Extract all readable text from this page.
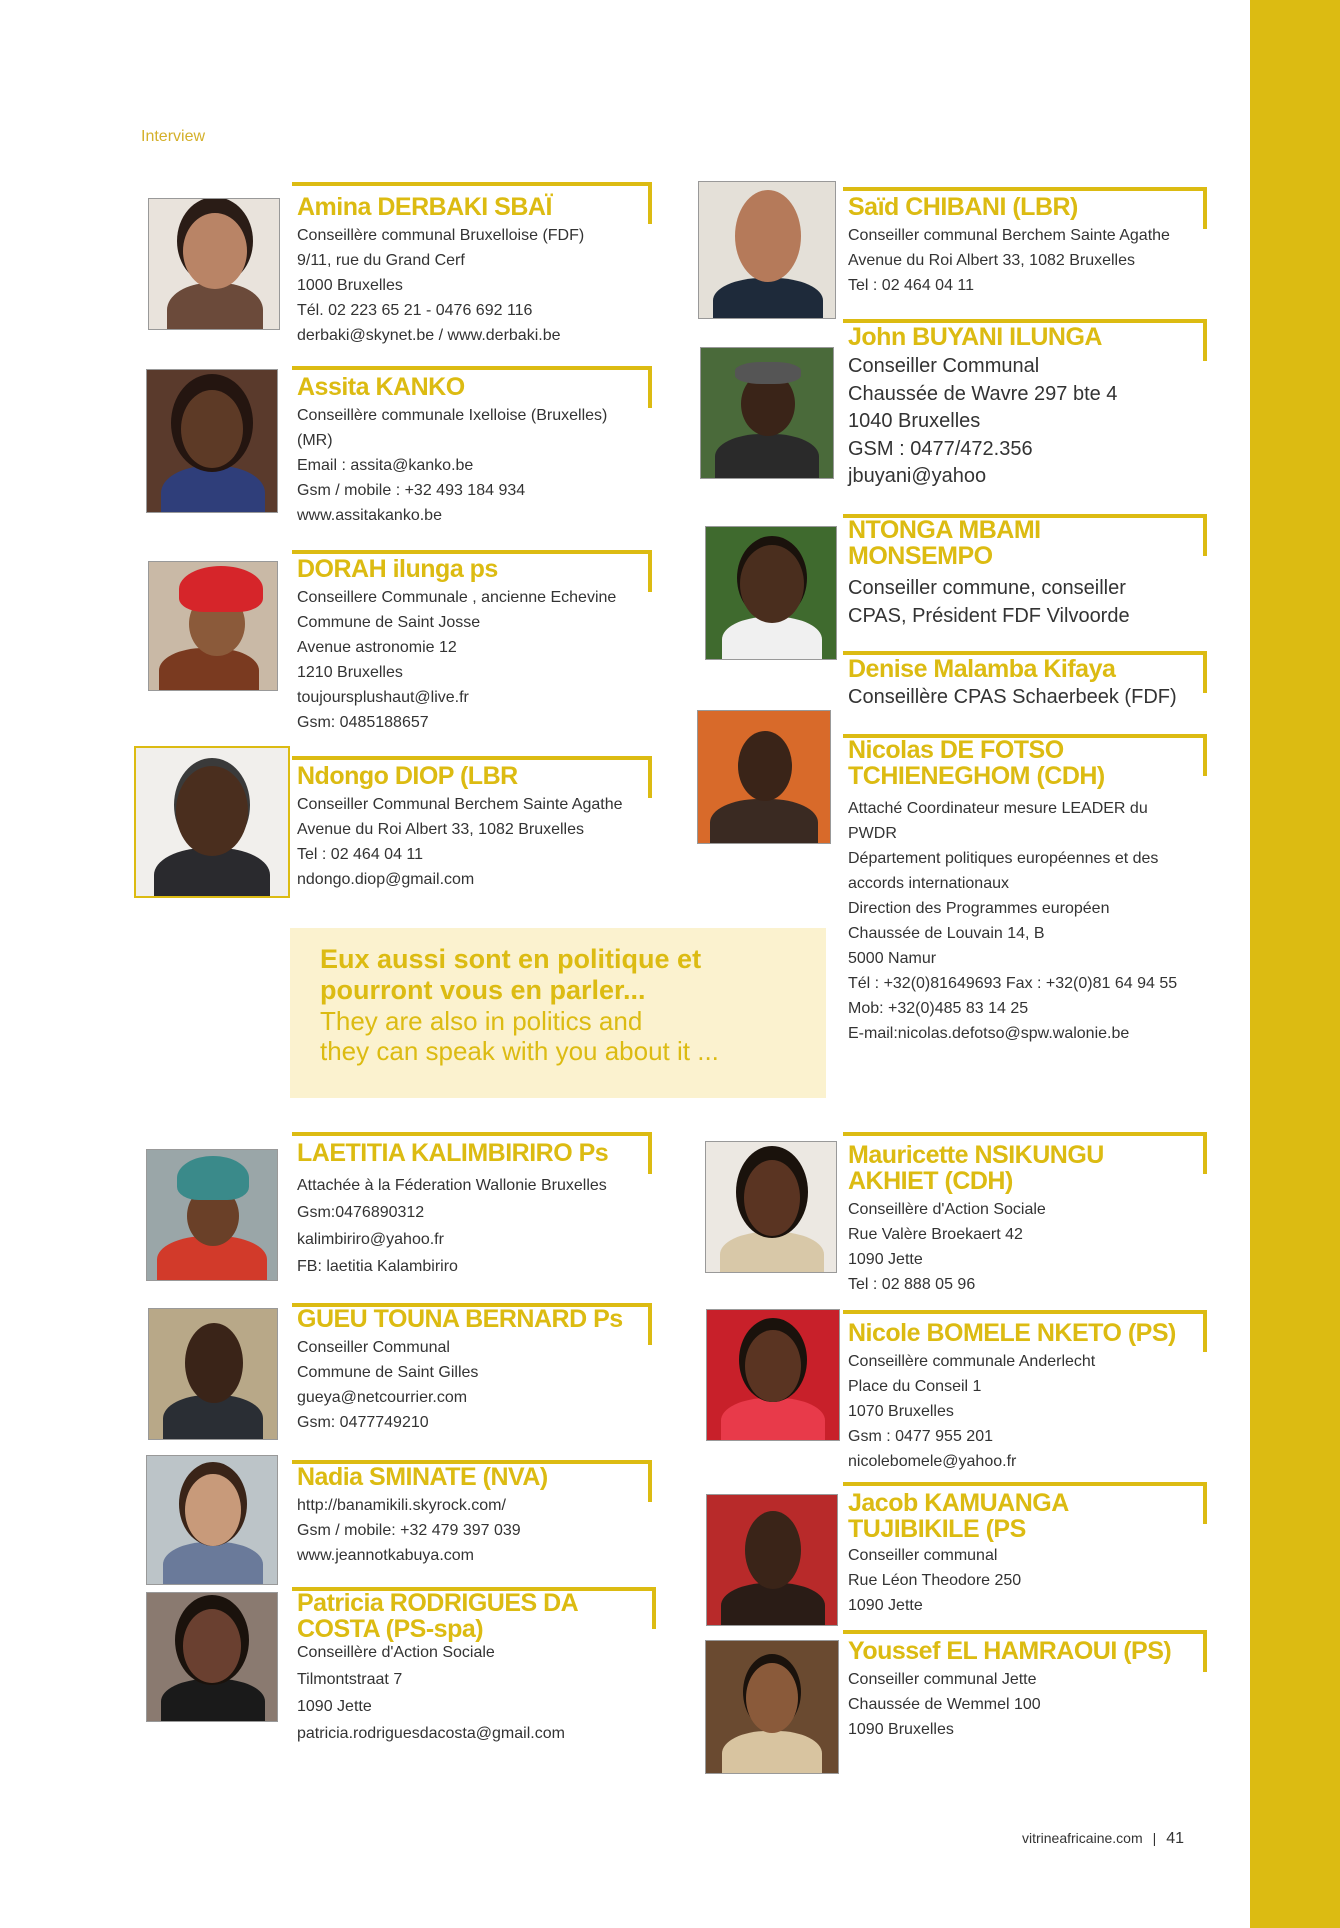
Interview
Amina DERBAKI SBAÏ
Conseillère communal Bruxelloise (FDF)
9/11, rue du Grand Cerf
1000 Bruxelles
Tél. 02 223 65 21 - 0476 692 116
derbaki@skynet.be / www.derbaki.be
Assita KANKO
Conseillère communale Ixelloise (Bruxelles)
(MR)
Email : assita@kanko.be
Gsm / mobile : +32 493 184 934
www.assitakanko.be
DORAH ilunga ps
Conseillere Communale , ancienne Echevine
Commune de Saint Josse
Avenue astronomie 12
1210 Bruxelles
toujoursplushaut@live.fr
Gsm: 0485188657
Ndongo DIOP (LBR
Conseiller Communal Berchem Sainte Agathe
Avenue du Roi Albert 33, 1082 Bruxelles
Tel : 02 464 04 11
ndongo.diop@gmail.com
Eux aussi sont en politique et
pourront vous en parler...
They are also in politics and
they can speak with you about it ...
Saïd CHIBANI (LBR)
Conseiller communal Berchem Sainte Agathe
Avenue du Roi Albert 33, 1082 Bruxelles
Tel : 02 464 04 11
John BUYANI ILUNGA
Conseiller Communal
Chaussée de Wavre 297 bte 4
1040 Bruxelles
GSM : 0477/472.356
jbuyani@yahoo
NTONGA MBAMI
MONSEMPO
Conseiller commune, conseiller
CPAS, Président FDF Vilvoorde
Denise Malamba Kifaya
Conseillère CPAS Schaerbeek (FDF)
Nicolas DE FOTSO
TCHIENEGHOM (CDH)
Attaché Coordinateur mesure LEADER du
PWDR
Département politiques européennes et des
accords internationaux
Direction des Programmes européen
Chaussée de Louvain 14, B
5000 Namur
Tél : +32(0)81649693 Fax : +32(0)81 64 94 55
Mob: +32(0)485 83 14 25
E-mail:nicolas.defotso@spw.walonie.be
LAETITIA KALIMBIRIRO Ps
Attachée à la Féderation Wallonie Bruxelles
Gsm:0476890312
kalimbiriro@yahoo.fr
FB: laetitia Kalambiriro
GUEU TOUNA BERNARD Ps
Conseiller Communal
Commune de Saint Gilles
gueya@netcourrier.com
Gsm: 0477749210
Nadia SMINATE (NVA)
http://banamikili.skyrock.com/
Gsm / mobile: +32 479 397 039
www.jeannotkabuya.com
Patricia RODRIGUES DA
COSTA (PS-spa)
Conseillère d'Action Sociale
Tilmontstraat 7
1090 Jette
patricia.rodriguesdacosta@gmail.com
Mauricette NSIKUNGU
AKHIET (CDH)
Conseillère d'Action Sociale
Rue Valère Broekaert 42
1090 Jette
Tel : 02 888 05 96
Nicole BOMELE NKETO (PS)
Conseillère communale Anderlecht
Place du Conseil 1
1070 Bruxelles
Gsm : 0477 955 201
nicolebomele@yahoo.fr
Jacob KAMUANGA
TUJIBIKILE (PS
Conseiller communal
Rue Léon Theodore 250
1090 Jette
Youssef EL HAMRAOUI (PS)
Conseiller communal Jette
Chaussée de Wemmel 100
1090 Bruxelles
vitrineafricaine.com | 41
